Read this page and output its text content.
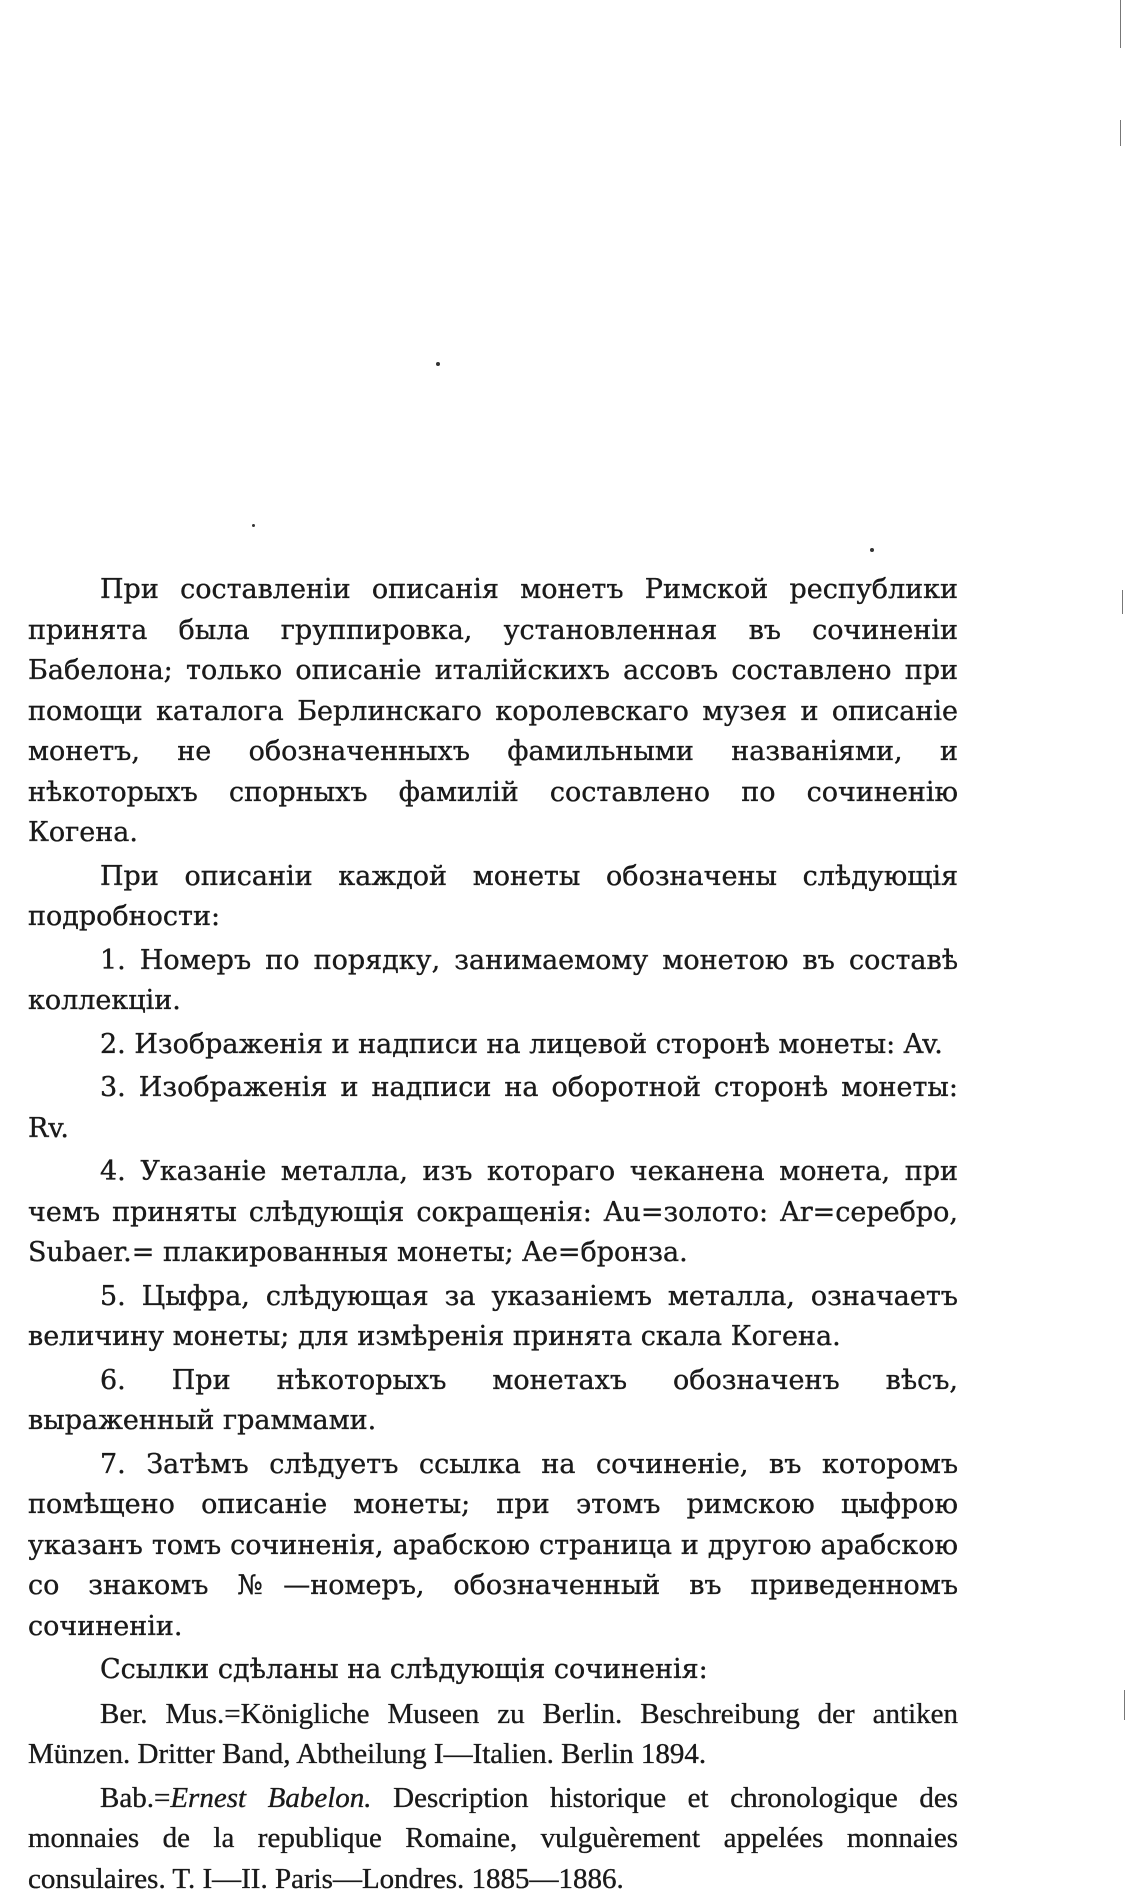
При составленіи описанія монетъ Римской республики принята была группировка, установленная въ сочиненіи Бабелона; только описаніе италійскихъ ассовъ составлено при помощи каталога Берлинскаго королевскаго музея и описаніе монетъ, не обозначенныхъ фамильными названіями, и нѣкоторыхъ спорныхъ фамилій составлено по сочиненію Когена.

При описаніи каждой монеты обозначены слѣдующія подробности:

1. Номеръ по порядку, занимаемому монетою въ составѣ коллекціи.

2. Изображенія и надписи на лицевой сторонѣ монеты: Av.

3. Изображенія и надписи на оборотной сторонѣ монеты: Rv.

4. Указаніе металла, изъ котораго чеканена монета, при чемъ приняты слѣдующія сокращенія: Au=золото: Ar=серебро, Subaer.= плакированныя монеты; Ae=бронза.

5. Цыфра, слѣдующая за указаніемъ металла, означаетъ величину монеты; для измѣренія принята скала Когена.

6. При нѣкоторыхъ монетахъ обозначенъ вѣсъ, выраженный граммами.

7. Затѣмъ слѣдуетъ ссылка на сочиненіе, въ которомъ помѣщено описаніе монеты; при этомъ римскою цыфрою указанъ томъ сочиненія, арабскою страница и другою арабскою со знакомъ №—номеръ, обозначенный въ приведенномъ сочиненіи.

Ссылки сдѣланы на слѣдующія сочиненія:

Ber. Mus.=Königliche Museen zu Berlin. Beschreibung der antiken Münzen. Dritter Band, Abtheilung I—Italien. Berlin 1894.

Bab.=Ernest Babelon. Description historique et chronologique des monnaies de la republique Romaine, vulguèrement appelées monnaies consulaires. T. I—II. Paris—Londres. 1885—1886.
